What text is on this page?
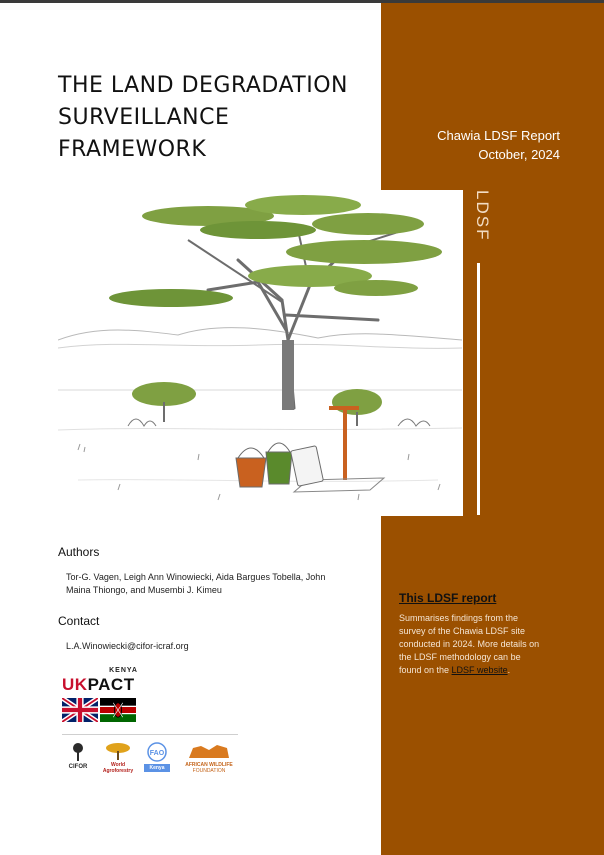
THE LAND DEGRADATION
SURVEILLANCE
FRAMEWORK
Chawia LDSF Report
October, 2024
LDSF
Authors
Tor-G. Vagen, Leigh Ann Winowiecki, Aida Bargues Tobella, John
Maina Thiongo, and Musembi J. Kimeu
Contact
L.A.Winowiecki@cifor-icraf.org
This LDSF report
Summarises findings from the
survey of the Chawia LDSF site
conducted in 2024. More details on
the LDSF methodology can be
found on the LDSF website.
KENYA
UKPACT
CIFOR	World Agroforestry
FAO
Kenya	AFRICAN WILDLIFE
FOUNDATION
